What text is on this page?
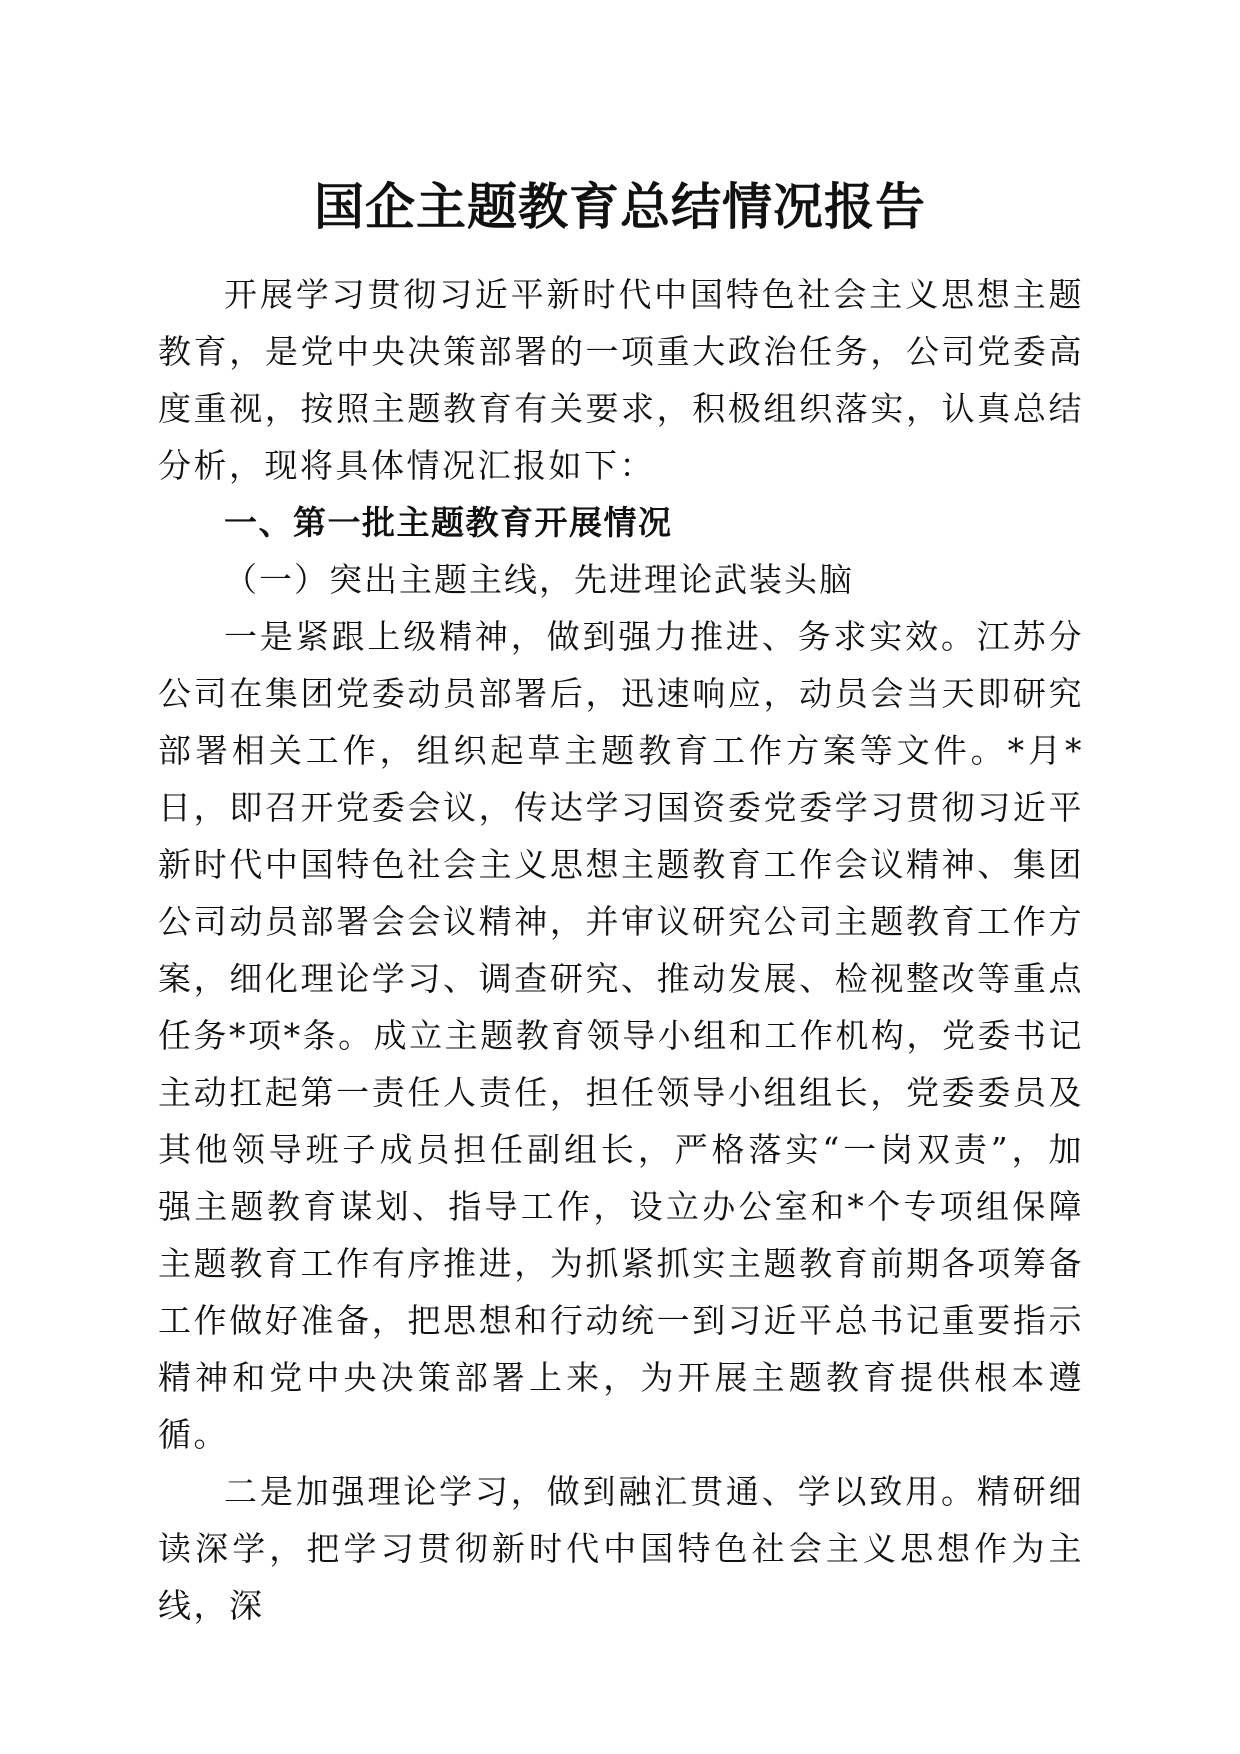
国企主题教育总结情况报告

开展学习贯彻习近平新时代中国特色社会主义思想主题教育，是党中央决策部署的一项重大政治任务，公司党委高度重视，按照主题教育有关要求，积极组织落实，认真总结分析，现将具体情况汇报如下：

一、第一批主题教育开展情况

（一）突出主题主线，先进理论武装头脑

一是紧跟上级精神，做到强力推进、务求实效。江苏分公司在集团党委动员部署后，迅速响应，动员会当天即研究部署相关工作，组织起草主题教育工作方案等文件。*月*日，即召开党委会议，传达学习国资委党委学习贯彻习近平新时代中国特色社会主义思想主题教育工作会议精神、集团公司动员部署会会议精神，并审议研究公司主题教育工作方案，细化理论学习、调查研究、推动发展、检视整改等重点任务*项*条。成立主题教育领导小组和工作机构，党委书记主动扛起第一责任人责任，担任领导小组组长，党委委员及其他领导班子成员担任副组长，严格落实“一岗双责”，加强主题教育谋划、指导工作，设立办公室和*个专项组保障主题教育工作有序推进，为抓紧抓实主题教育前期各项筹备工作做好准备，把思想和行动统一到习近平总书记重要指示精神和党中央决策部署上来，为开展主题教育提供根本遵循。

二是加强理论学习，做到融汇贯通、学以致用。精研细读深学，把学习贯彻新时代中国特色社会主义思想作为主线，深
